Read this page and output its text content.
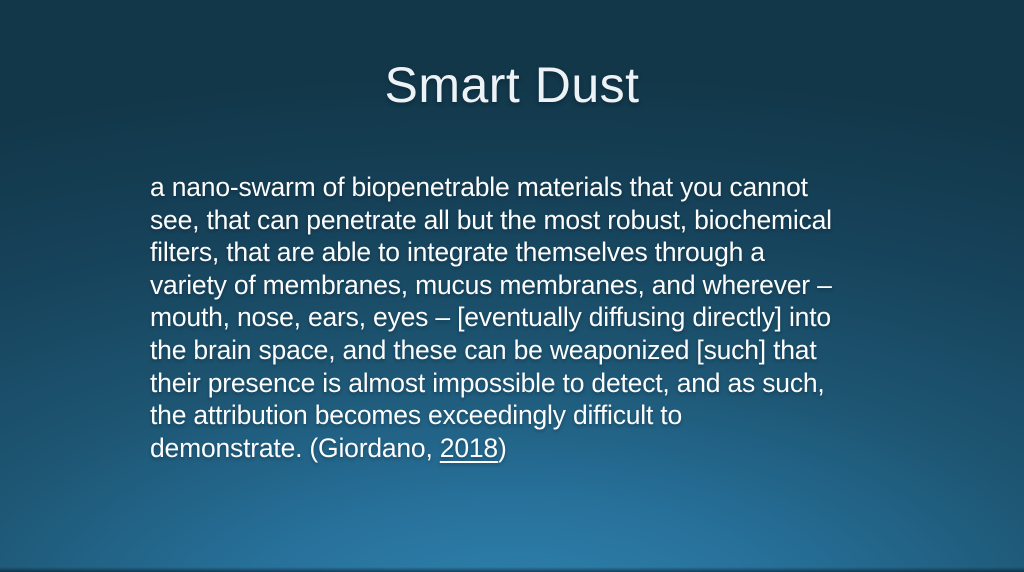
Smart Dust
a nano-swarm of biopenetrable materials that you cannot
see, that can penetrate all but the most robust, biochemical
filters, that are able to integrate themselves through a
variety of membranes, mucus membranes, and wherever –
mouth, nose, ears, eyes – [eventually diffusing directly] into
the brain space, and these can be weaponized [such] that
their presence is almost impossible to detect, and as such,
the attribution becomes exceedingly difficult to
demonstrate. (Giordano, 2018)
